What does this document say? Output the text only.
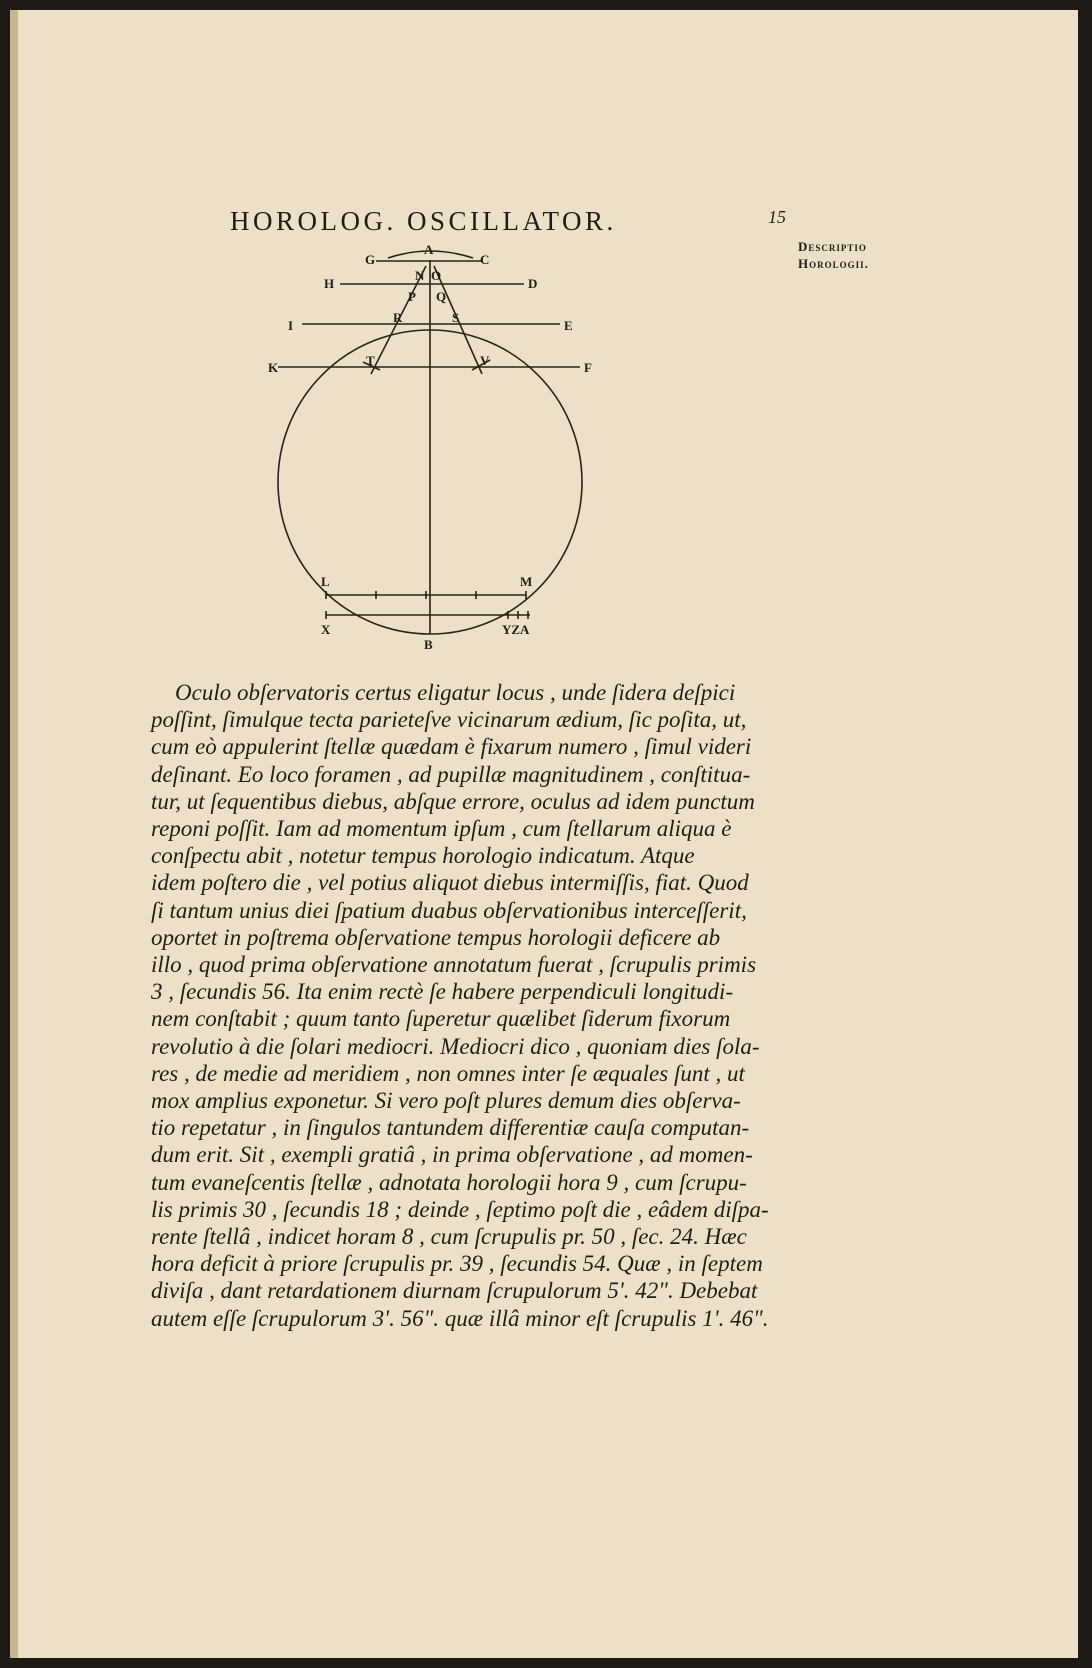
HOROLOG. OSCILLATOR.	15
Descriptio
Horologii.
A
G	C
N O
H	D
P Q
R	S
I	E
K	F
T	V
B
L	M
X	YZA
Oculo obſervatoris certus eligatur locus , unde ſidera deſpici
poſſint, ſimulque tecta parieteſve vicinarum ædium, ſic poſita, ut,
cum eò appulerint ſtellæ quædam è fixarum numero , ſimul videri
deſinant. Eo loco foramen , ad pupillæ magnitudinem , conſtitua-
tur, ut ſequentibus diebus, abſque errore, oculus ad idem punctum
reponi poſſit. Iam ad momentum ipſum , cum ſtellarum aliqua è
conſpectu abit , notetur tempus horologio indicatum. Atque
idem poſtero die , vel potius aliquot diebus intermiſſis, fiat. Quod
ſi tantum unius diei ſpatium duabus obſervationibus interceſſerit,
oportet in poſtrema obſervatione tempus horologii deficere ab
illo , quod prima obſervatione annotatum fuerat , ſcrupulis primis
3 , ſecundis 56. Ita enim rectè ſe habere perpendiculi longitudi-
nem conſtabit ; quum tanto ſuperetur quælibet ſiderum fixorum
revolutio à die ſolari mediocri. Mediocri dico , quoniam dies ſola-
res , de medie ad meridiem , non omnes inter ſe æquales ſunt , ut
mox amplius exponetur. Si vero poſt plures demum dies obſerva-
tio repetatur , in ſingulos tantundem differentiæ cauſa computan-
dum erit. Sit , exempli gratiâ , in prima obſervatione , ad momen-
tum evaneſcentis ſtellæ , adnotata horologii hora 9 , cum ſcrupu-
lis primis 30 , ſecundis 18 ; deinde , ſeptimo poſt die , eâdem diſpa-
rente ſtellâ , indicet horam 8 , cum ſcrupulis pr. 50 , ſec. 24. Hæc
hora deficit à priore ſcrupulis pr. 39 , ſecundis 54. Quæ , in ſeptem
diviſa , dant retardationem diurnam ſcrupulorum 5'. 42". Debebat
autem eſſe ſcrupulorum 3'. 56". quæ illâ minor eſt ſcrupulis 1'. 46".
